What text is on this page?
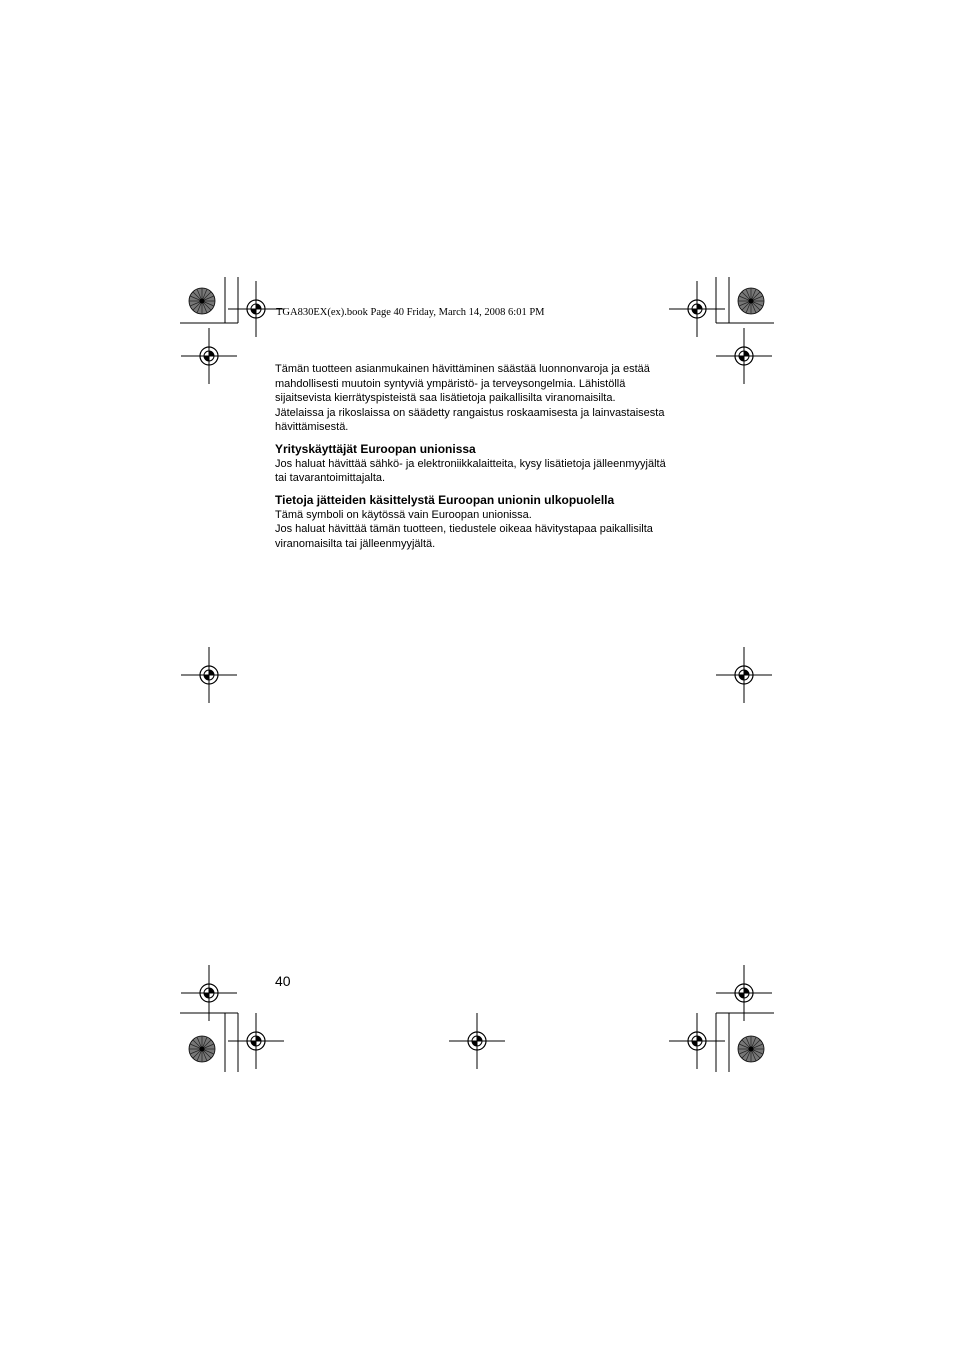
TGA830EX(ex).book Page 40 Friday, March 14, 2008 6:01 PM

Tämän tuotteen asianmukainen hävittäminen säästää luonnonvaroja ja estää
mahdollisesti muutoin syntyviä ympäristö- ja terveysongelmia. Lähistöllä
sijaitsevista kierrätyspisteistä saa lisätietoja paikallisilta viranomaisilta.
Jätelaissa ja rikoslaissa on säädetty rangaistus roskaamisesta ja lainvastaisesta
hävittämisestä.

Yrityskäyttäjät Euroopan unionissa

Jos haluat hävittää sähkö- ja elektroniikkalaitteita, kysy lisätietoja jälleenmyyjältä
tai tavarantoimittajalta.

Tietoja jätteiden käsittelystä Euroopan unionin ulkopuolella

Tämä symboli on käytössä vain Euroopan unionissa.
Jos haluat hävittää tämän tuotteen, tiedustele oikeaa hävitystapaa paikallisilta
viranomaisilta tai jälleenmyyjältä.

40
